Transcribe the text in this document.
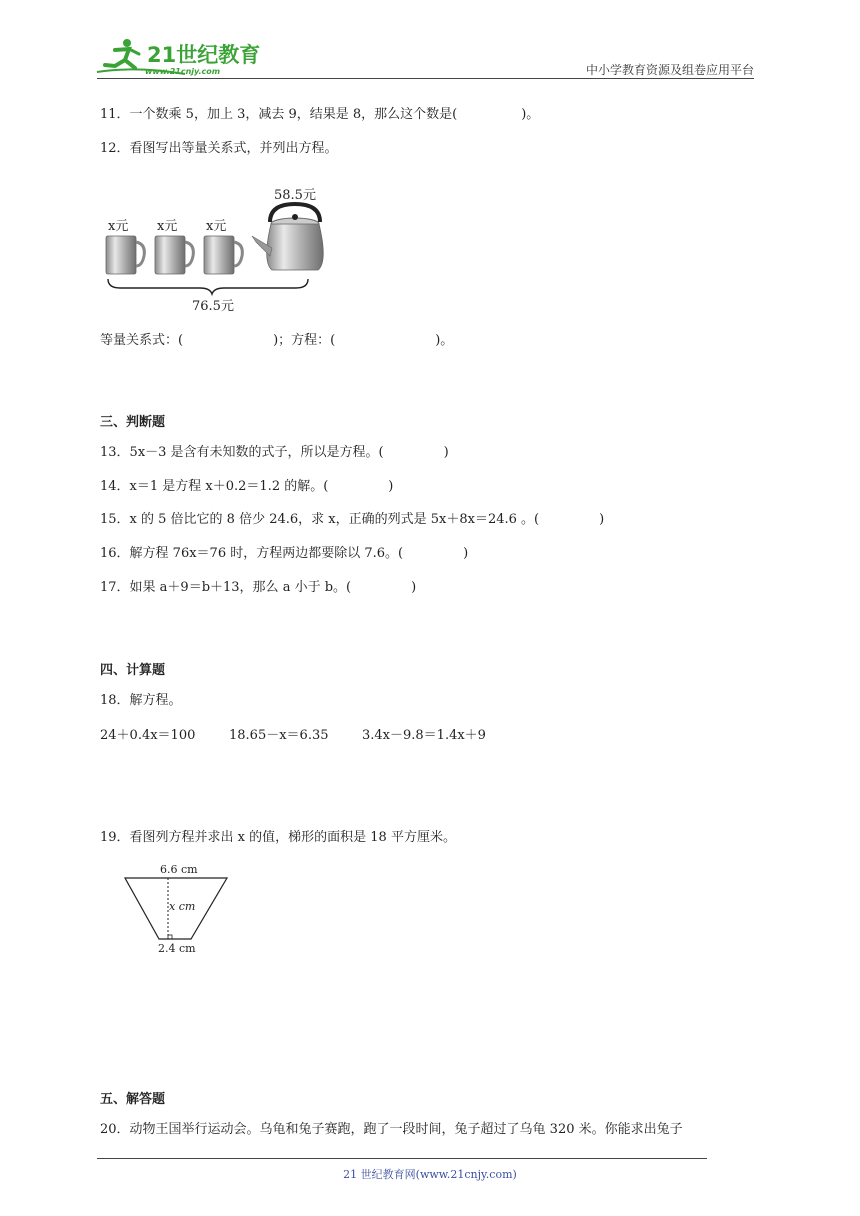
21世纪教育
www.21cnjy.com	中小学教育资源及组卷应用平台
11．一个数乘 5，加上 3，减去 9，结果是 8，那么这个数是(	)。
12．看图写出等量关系式，并列出方程。
x元 x元 x元
58.5元
76.5元
等量关系式：(	)；方程：(	)。
三、判断题
13．5x－3 是含有未知数的式子，所以是方程。(	)
14．x＝1 是方程 x＋0.2＝1.2 的解。(	)
15．x 的 5 倍比它的 8 倍少 24.6，求 x，正确的列式是 5x＋8x＝24.6 。(	)
16．解方程 76x＝76 时，方程两边都要除以 7.6。(	)
17．如果 a＋9＝b＋13，那么 a 小于 b。(	)
四、计算题
18．解方程。
24＋0.4x＝100	18.65－x＝6.35	3.4x－9.8＝1.4x＋9
19．看图列方程并求出 x 的值，梯形的面积是 18 平方厘米。
6.6 cm
x cm
2.4 cm
五、解答题
20．动物王国举行运动会。乌龟和兔子赛跑，跑了一段时间，兔子超过了乌龟 320 米。你能求出兔子
21 世纪教育网(www.21cnjy.com)
